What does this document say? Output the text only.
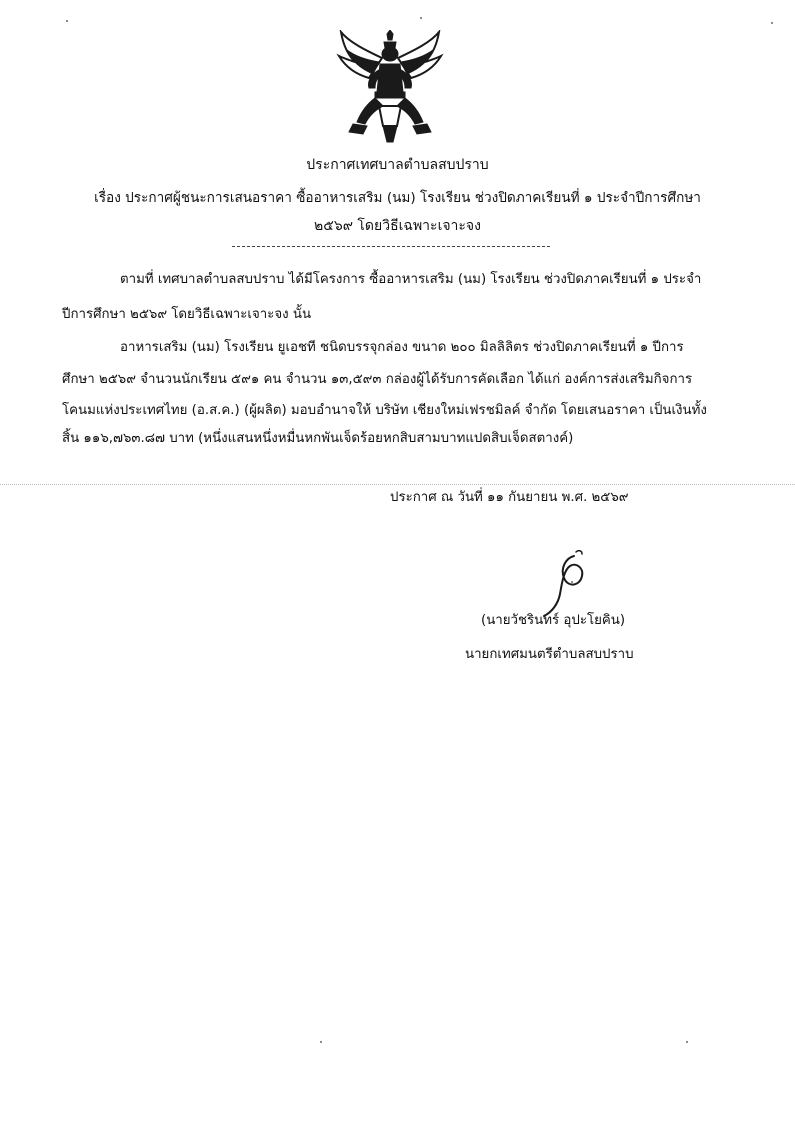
ประกาศเทศบาลตำบลสบปราบ
เรื่อง ประกาศผู้ชนะการเสนอราคา ซื้ออาหารเสริม (นม) โรงเรียน ช่วงปิดภาคเรียนที่ ๑ ประจำปีการศึกษา
๒๕๖๙ โดยวิธีเฉพาะเจาะจง
ตามที่ เทศบาลตำบลสบปราบ ได้มีโครงการ ซื้ออาหารเสริม (นม) โรงเรียน ช่วงปิดภาคเรียนที่ ๑ ประจำ
ปีการศึกษา ๒๕๖๙ โดยวิธีเฉพาะเจาะจง นั้น
อาหารเสริม (นม) โรงเรียน ยูเอชที ชนิดบรรจุกล่อง ขนาด ๒๐๐ มิลลิลิตร ช่วงปิดภาคเรียนที่ ๑ ปีการ
ศึกษา ๒๕๖๙ จำนวนนักเรียน ๕๙๑ คน จำนวน ๑๓,๕๙๓ กล่องผู้ได้รับการคัดเลือก ได้แก่ องค์การส่งเสริมกิจการ
โคนมแห่งประเทศไทย (อ.ส.ค.) (ผู้ผลิต) มอบอำนาจให้ บริษัท เชียงใหม่เฟรชมิลค์ จำกัด โดยเสนอราคา เป็นเงินทั้ง
สิ้น ๑๑๖,๗๖๓.๘๗ บาท (หนึ่งแสนหนึ่งหมื่นหกพันเจ็ดร้อยหกสิบสามบาทแปดสิบเจ็ดสตางค์)
ประกาศ ณ วันที่ ๑๑ กันยายน พ.ศ. ๒๕๖๙
(นายวัชรินทร์ อุปะโยคิน)
นายกเทศมนตรีตำบลสบปราบ
